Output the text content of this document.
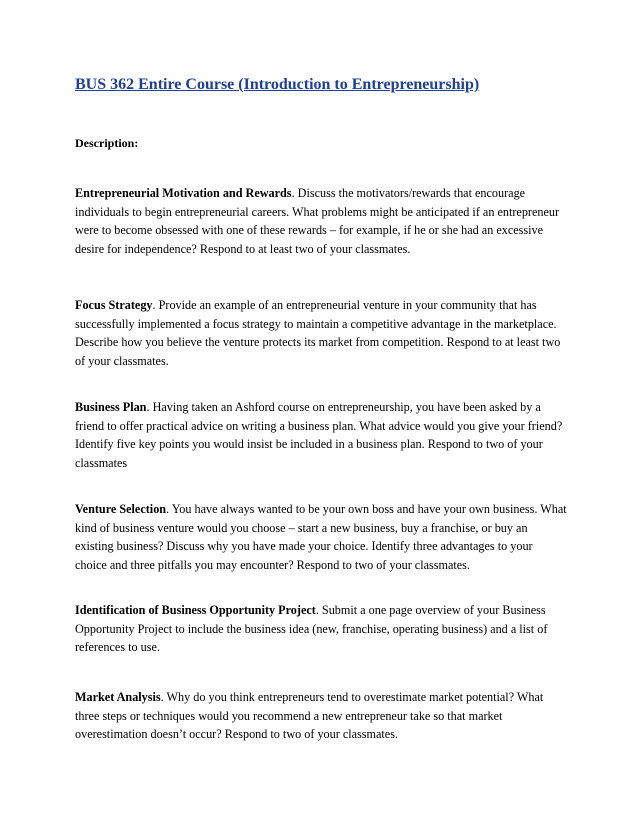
BUS 362 Entire Course (Introduction to Entrepreneurship)

Description:

Entrepreneurial Motivation and Rewards. Discuss the motivators/rewards that encourage individuals to begin entrepreneurial careers. What problems might be anticipated if an entrepreneur were to become obsessed with one of these rewards – for example, if he or she had an excessive desire for independence? Respond to at least two of your classmates.

Focus Strategy. Provide an example of an entrepreneurial venture in your community that has successfully implemented a focus strategy to maintain a competitive advantage in the marketplace. Describe how you believe the venture protects its market from competition. Respond to at least two of your classmates.

Business Plan. Having taken an Ashford course on entrepreneurship, you have been asked by a friend to offer practical advice on writing a business plan. What advice would you give your friend? Identify five key points you would insist be included in a business plan. Respond to two of your classmates

Venture Selection. You have always wanted to be your own boss and have your own business. What kind of business venture would you choose – start a new business, buy a franchise, or buy an existing business? Discuss why you have made your choice. Identify three advantages to your choice and three pitfalls you may encounter? Respond to two of your classmates.

Identification of Business Opportunity Project. Submit a one page overview of your Business Opportunity Project to include the business idea (new, franchise, operating business) and a list of references to use.

Market Analysis. Why do you think entrepreneurs tend to overestimate market potential? What three steps or techniques would you recommend a new entrepreneur take so that market overestimation doesn’t occur? Respond to two of your classmates.
